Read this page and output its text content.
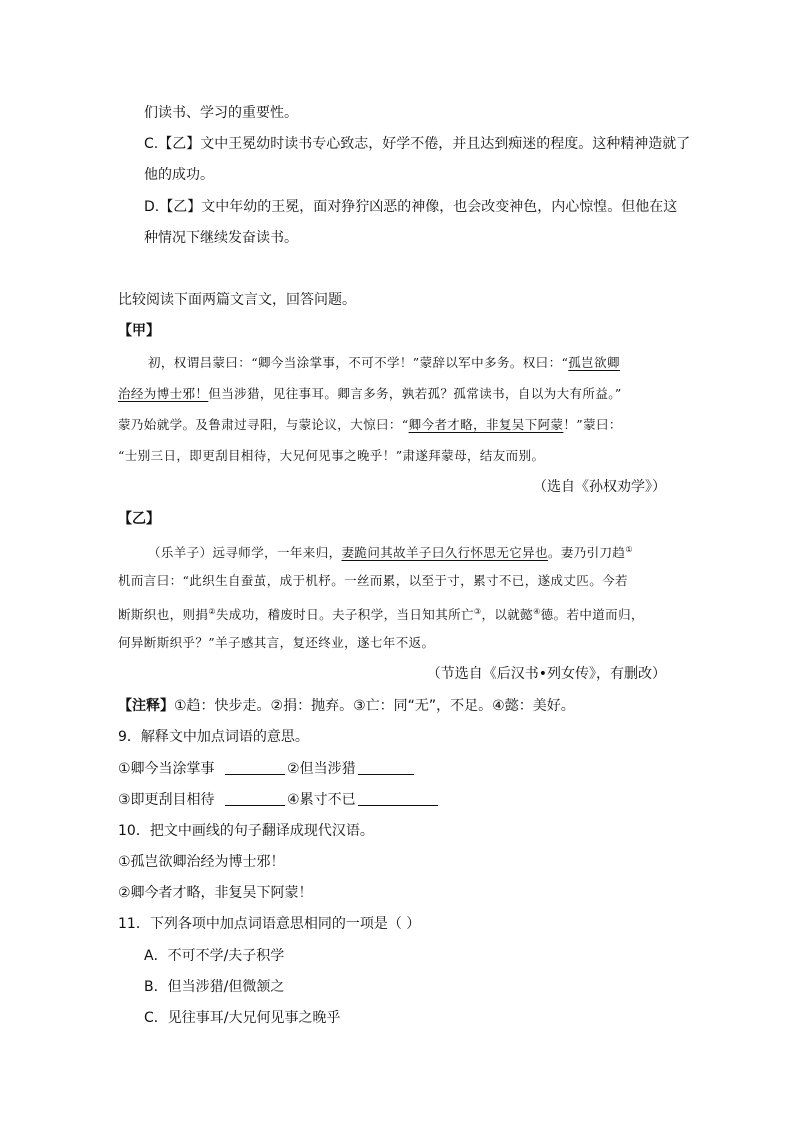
们读书、学习的重要性。
C.【乙】文中王冕幼时读书专心致志，好学不倦，并且达到痴迷的程度。这种精神造就了
他的成功。
D.【乙】文中年幼的王冕，面对狰狞凶恶的神像，也会改变神色，内心惊惶。但他在这
种情况下继续发奋读书。
比较阅读下面两篇文言文，回答问题。
【甲】
初，权谓吕蒙曰：“卿今当涂掌事，不可不学！”蒙辞以军中多务。权曰：“孤岂欲卿
治经为博士邪！但当涉猎，见往事耳。卿言多务，孰若孤？孤常读书，自以为大有所益。”
蒙乃始就学。及鲁肃过寻阳，与蒙论议，大惊曰：“卿今者才略，非复吴下阿蒙！”蒙曰：
“士别三日，即更刮目相待，大兄何见事之晚乎！”肃遂拜蒙母，结友而别。
（选自《孙权劝学》）
【乙】
（乐羊子）远寻师学，一年来归，妻跪问其故羊子曰久行怀思无它异也。妻乃引刀趋①
机而言曰：“此织生自蚕茧，成于机杼。一丝而累，以至于寸，累寸不已，遂成丈匹。今若
断斯织也，则捐②失成功，稽废时日。夫子积学，当日知其所亡③，以就懿④德。若中道而归，
何异断斯织乎？”羊子感其言，复还终业，遂七年不返。
（节选自《后汉书•列女传》，有删改）
【注释】①趋：快步走。②捐：抛弃。③亡：同“无”，不足。④懿：美好。
9．解释文中加点词语的意思。
①卿今当涂掌事	②但当涉猎
③即更刮目相待	④累寸不已
10．把文中画线的句子翻译成现代汉语。
①孤岂欲卿治经为博士邪！
②卿今者才略，非复吴下阿蒙！
11．下列各项中加点词语意思相同的一项是（ ）
A．不可不学/夫子积学
B．但当涉猎/但微颔之
C．见往事耳/大兄何见事之晚乎
